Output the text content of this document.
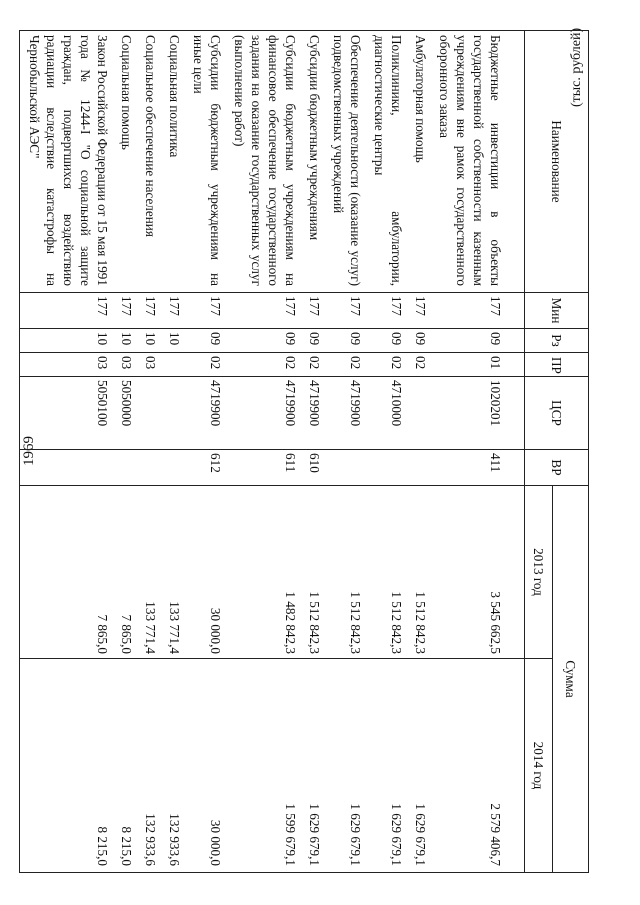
1969
(тыс. рублей)
Наименование	Мин	Рз	ПР	ЦСР	ВР	Сумма	
						2013 год	2014 год
Бюджетные инвестиции в объекты государственной собственности казенным учреждениям вне рамок государственного оборонного заказа	177	09	01	1020201	411	3 545 662,5	2 579 406,7
Амбулаторная помощь	177	09	02			1 512 842,3	1 629 679,1
Поликлиники, амбулатории, диагностические центры	177	09	02	4710000		1 512 842,3	1 629 679,1
Обеспечение деятельности (оказание услуг) подведомственных учреждений	177	09	02	4719900		1 512 842,3	1 629 679,1
Субсидии бюджетным учреждениям	177	09	02	4719900	610	1 512 842,3	1 629 679,1
Субсидии бюджетным учреждениям на финансовое обеспечение государственного задания на оказание государственных услуг (выполнение работ)	177	09	02	4719900	611	1 482 842,3	1 599 679,1
Субсидии бюджетным учреждениям на иные цели	177	09	02	4719900	612	30 000,0	30 000,0
Социальная политика	177	10				133 771,4	132 933,6
Социальное обеспечение населения	177	10	03			133 771,4	132 933,6
Социальная помощь	177	10	03	5050000		7 865,0	8 215,0
Закон Российской Федерации от 15 мая 1991 года № 1244-I "О социальной защите граждан, подвергшихся воздействию радиации вследствие катастрофы на Чернобыльской АЭС"	177	10	03	5050100		7 865,0	8 215,0
